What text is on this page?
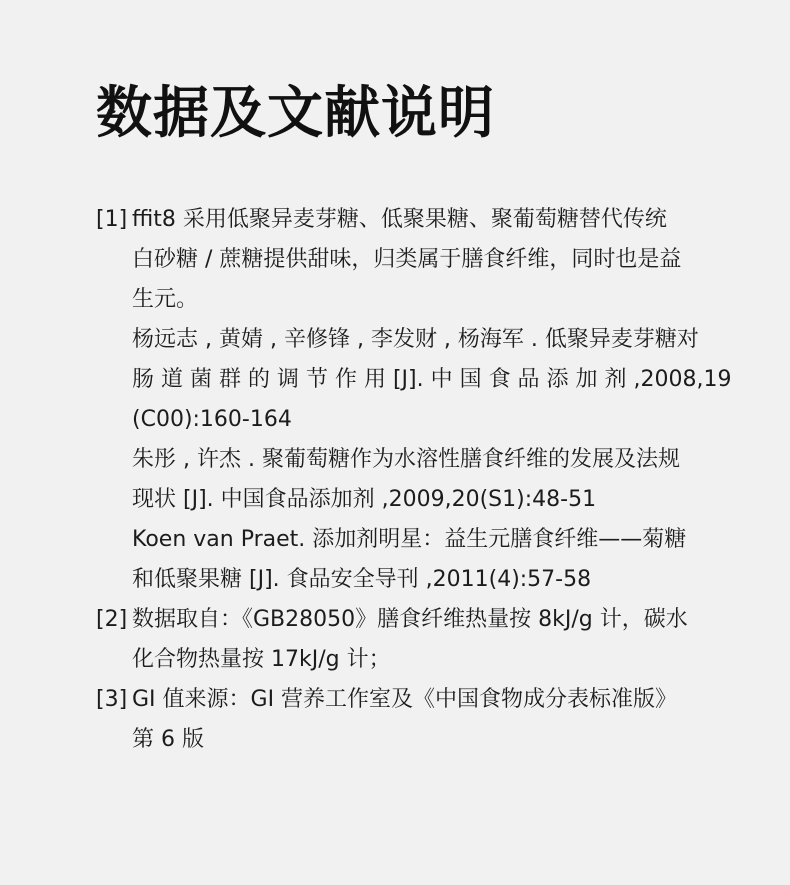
数据及文献说明
[1] ffit8 采用低聚异麦芽糖、低聚果糖、聚葡萄糖替代传统
白砂糖 / 蔗糖提供甜味，归类属于膳食纤维，同时也是益
生元。
杨远志 , 黄婧 , 辛修锋 , 李发财 , 杨海军 . 低聚异麦芽糖对
肠 道 菌 群 的 调 节 作 用 [J]. 中 国 食 品 添 加 剂 ,2008,19
(C00):160-164
朱彤 , 许杰 . 聚葡萄糖作为水溶性膳食纤维的发展及法规
现状 [J]. 中国食品添加剂 ,2009,20(S1):48-51
Koen van Praet. 添加剂明星：益生元膳食纤维——菊糖
和低聚果糖 [J]. 食品安全导刊 ,2011(4):57-58
[2] 数据取自：《GB28050》膳食纤维热量按 8kJ/g 计，碳水
化合物热量按 17kJ/g 计；
[3] GI 值来源：GI 营养工作室及《中国食物成分表标准版》
第 6 版
